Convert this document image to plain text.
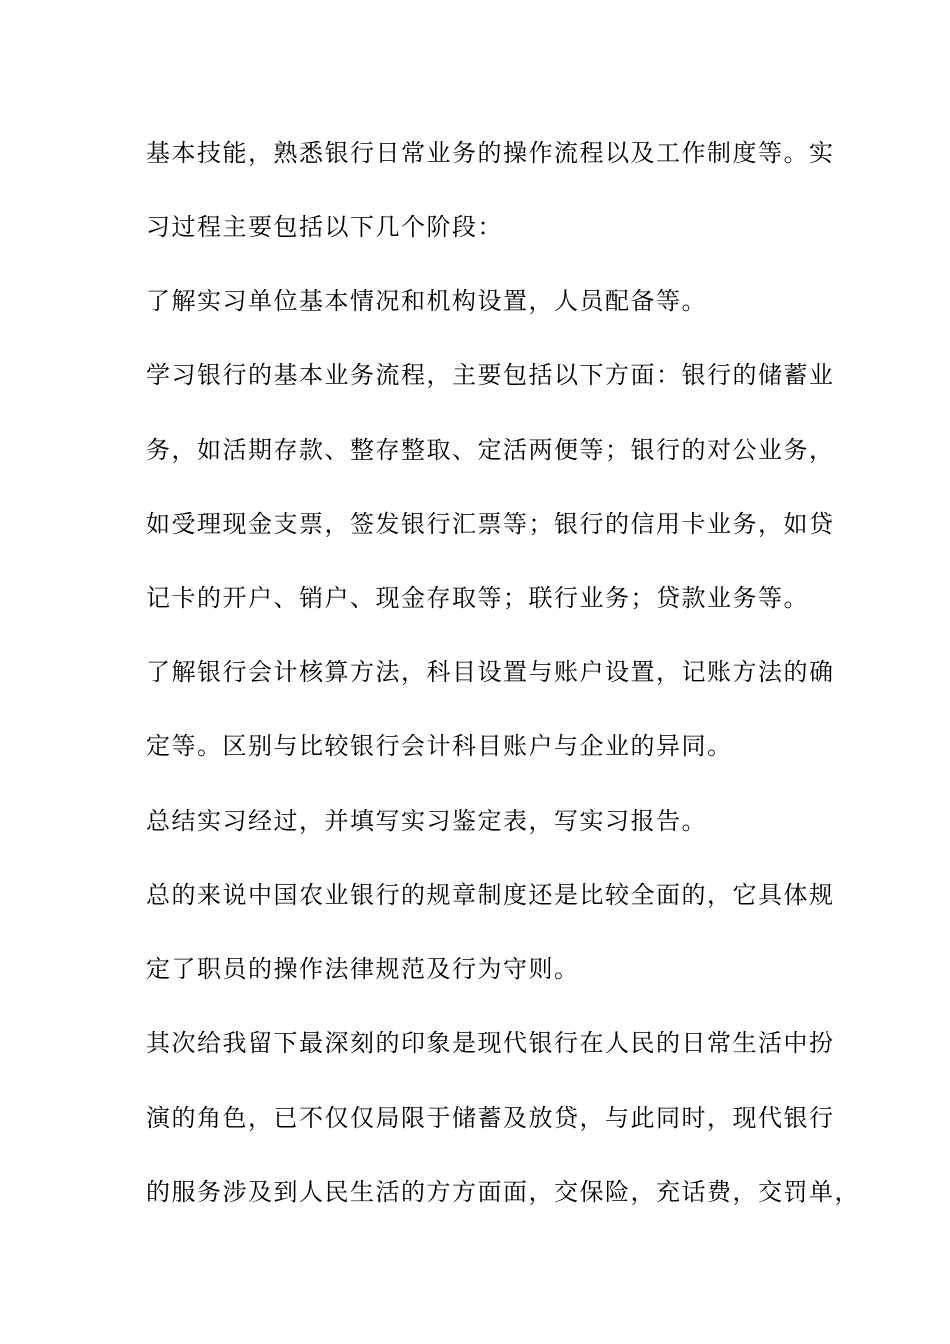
基本技能，熟悉银行日常业务的操作流程以及工作制度等。实
习过程主要包括以下几个阶段：
了解实习单位基本情况和机构设置，人员配备等。
学习银行的基本业务流程，主要包括以下方面：银行的储蓄业
务，如活期存款、整存整取、定活两便等；银行的对公业务，
如受理现金支票，签发银行汇票等；银行的信用卡业务，如贷
记卡的开户、销户、现金存取等；联行业务；贷款业务等。
了解银行会计核算方法，科目设置与账户设置，记账方法的确
定等。区别与比较银行会计科目账户与企业的异同。
总结实习经过，并填写实习鉴定表，写实习报告。
总的来说中国农业银行的规章制度还是比较全面的，它具体规
定了职员的操作法律规范及行为守则。
其次给我留下最深刻的印象是现代银行在人民的日常生活中扮
演的角色，已不仅仅局限于储蓄及放贷，与此同时，现代银行
的服务涉及到人民生活的方方面面，交保险，充话费，交罚单，
